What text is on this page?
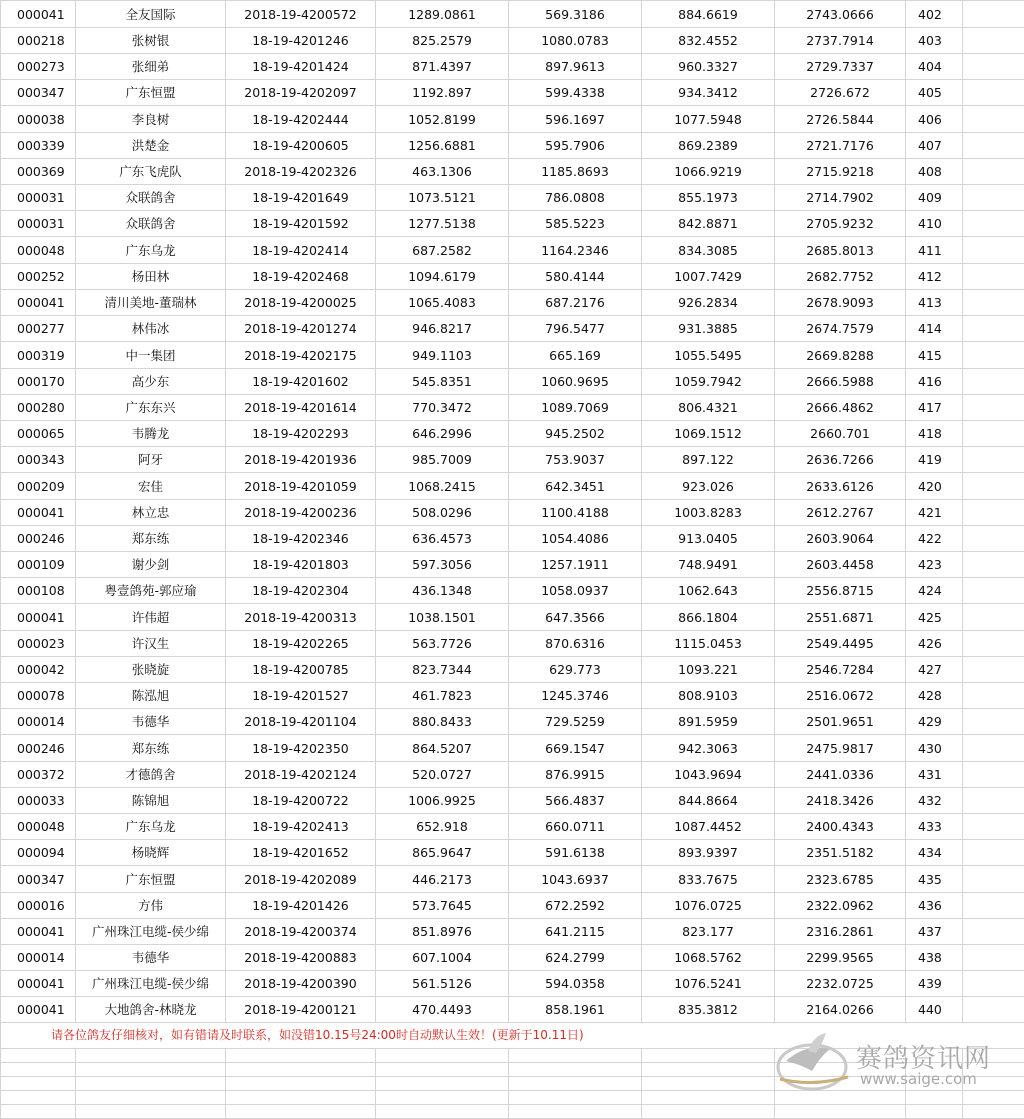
000041	全友国际	2018-19-4200572	1289.0861	569.3186	884.6619	2743.0666	402	
000218	张树银	18-19-4201246	825.2579	1080.0783	832.4552	2737.7914	403	
000273	张细弟	18-19-4201424	871.4397	897.9613	960.3327	2729.7337	404	
000347	广东恒盟	2018-19-4202097	1192.897	599.4338	934.3412	2726.672	405	
000038	李良树	18-19-4202444	1052.8199	596.1697	1077.5948	2726.5844	406	
000339	洪楚金	18-19-4200605	1256.6881	595.7906	869.2389	2721.7176	407	
000369	广东飞虎队	2018-19-4202326	463.1306	1185.8693	1066.9219	2715.9218	408	
000031	众联鸽舍	18-19-4201649	1073.5121	786.0808	855.1973	2714.7902	409	
000031	众联鸽舍	18-19-4201592	1277.5138	585.5223	842.8871	2705.9232	410	
000048	广东乌龙	18-19-4202414	687.2582	1164.2346	834.3085	2685.8013	411	
000252	杨田林	18-19-4202468	1094.6179	580.4144	1007.7429	2682.7752	412	
000041	清川美地-董瑞林	2018-19-4200025	1065.4083	687.2176	926.2834	2678.9093	413	
000277	林伟冰	2018-19-4201274	946.8217	796.5477	931.3885	2674.7579	414	
000319	中一集团	2018-19-4202175	949.1103	665.169	1055.5495	2669.8288	415	
000170	高少东	18-19-4201602	545.8351	1060.9695	1059.7942	2666.5988	416	
000280	广东东兴	2018-19-4201614	770.3472	1089.7069	806.4321	2666.4862	417	
000065	韦腾龙	18-19-4202293	646.2996	945.2502	1069.1512	2660.701	418	
000343	阿牙	2018-19-4201936	985.7009	753.9037	897.122	2636.7266	419	
000209	宏佳	2018-19-4201059	1068.2415	642.3451	923.026	2633.6126	420	
000041	林立忠	2018-19-4200236	508.0296	1100.4188	1003.8283	2612.2767	421	
000246	郑东练	18-19-4202346	636.4573	1054.4086	913.0405	2603.9064	422	
000109	谢少剑	18-19-4201803	597.3056	1257.1911	748.9491	2603.4458	423	
000108	粤壹鸽苑-郭应瑜	18-19-4202304	436.1348	1058.0937	1062.643	2556.8715	424	
000041	许伟超	2018-19-4200313	1038.1501	647.3566	866.1804	2551.6871	425	
000023	许汉生	18-19-4202265	563.7726	870.6316	1115.0453	2549.4495	426	
000042	张晓旋	18-19-4200785	823.7344	629.773	1093.221	2546.7284	427	
000078	陈泓旭	18-19-4201527	461.7823	1245.3746	808.9103	2516.0672	428	
000014	韦德华	2018-19-4201104	880.8433	729.5259	891.5959	2501.9651	429	
000246	郑东练	18-19-4202350	864.5207	669.1547	942.3063	2475.9817	430	
000372	才德鸽舍	2018-19-4202124	520.0727	876.9915	1043.9694	2441.0336	431	
000033	陈锦旭	18-19-4200722	1006.9925	566.4837	844.8664	2418.3426	432	
000048	广东乌龙	18-19-4202413	652.918	660.0711	1087.4452	2400.4343	433	
000094	杨晓辉	18-19-4201652	865.9647	591.6138	893.9397	2351.5182	434	
000347	广东恒盟	2018-19-4202089	446.2173	1043.6937	833.7675	2323.6785	435	
000016	方伟	18-19-4201426	573.7645	672.2592	1076.0725	2322.0962	436	
000041	广州珠江电缆-侯少绵	2018-19-4200374	851.8976	641.2115	823.177	2316.2861	437	
000014	韦德华	2018-19-4200883	607.1004	624.2799	1068.5762	2299.9565	438	
000041	广州珠江电缆-侯少绵	2018-19-4200390	561.5126	594.0358	1076.5241	2232.0725	439	
000041	大地鸽舍-林晓龙	2018-19-4200121	470.4493	858.1961	835.3812	2164.0266	440	
请各位鸽友仔细核对，如有错请及时联系，如没错10.15号24:00时自动默认生效！(更新于10.11日)								

赛鸽资讯网
www.saige.com
